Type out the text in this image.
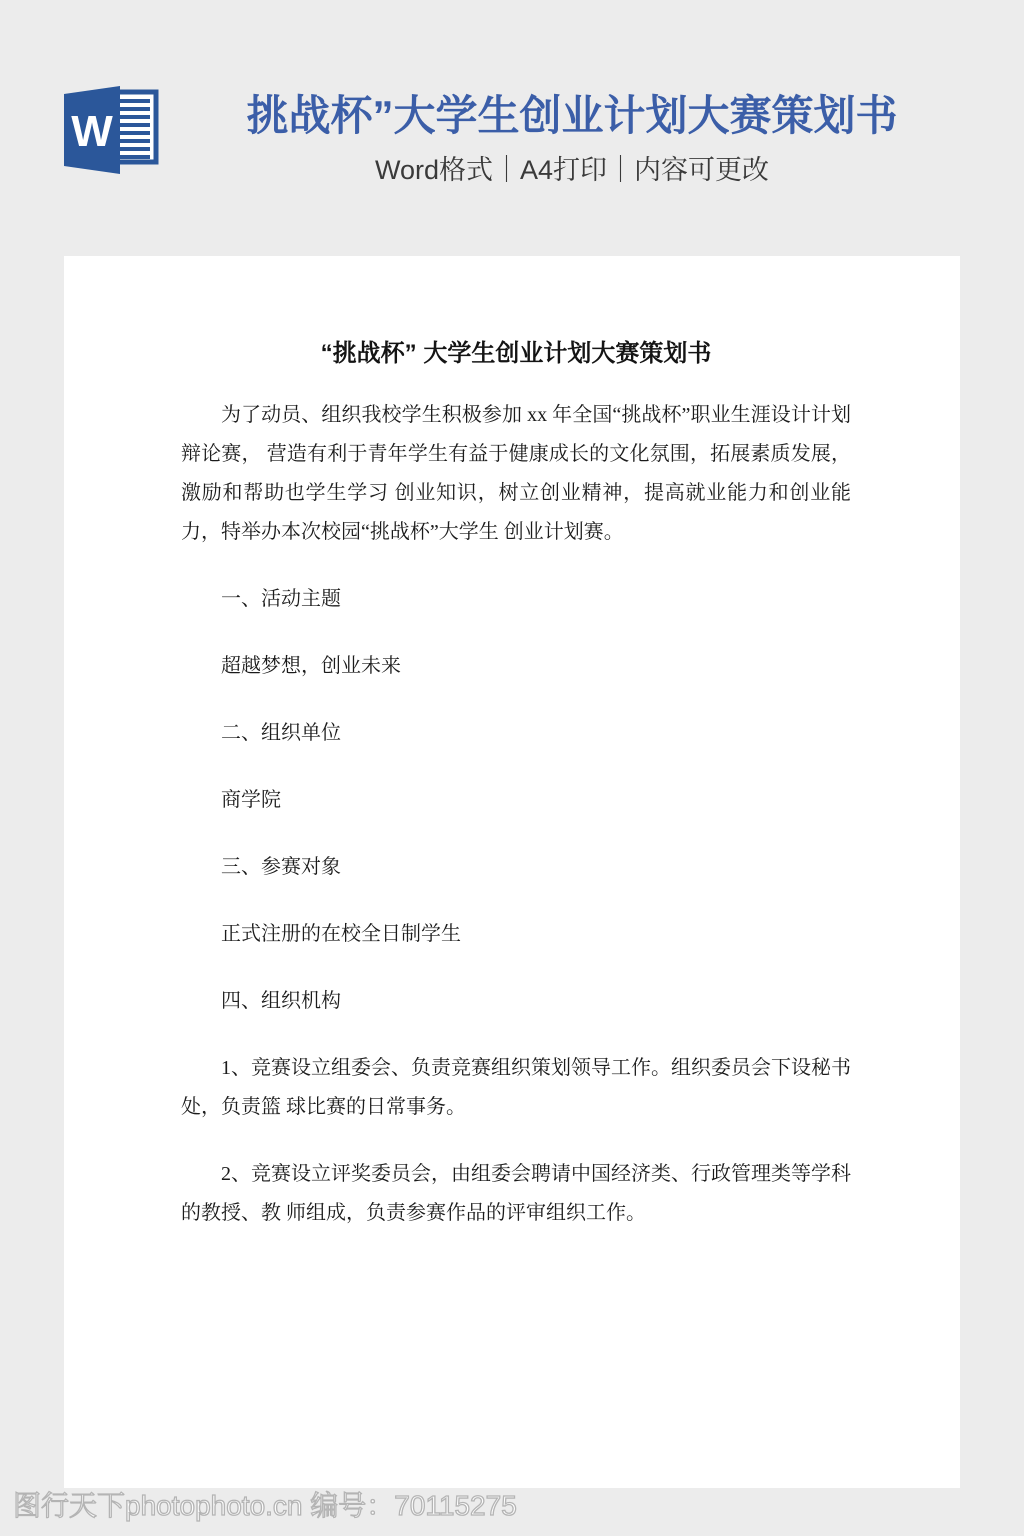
W	挑战杯”大学生创业计划大赛策划书
Word格式｜A4打印｜内容可更改
“挑战杯” 大学生创业计划大赛策划书

为了动员、组织我校学生积极参加 xx 年全国“挑战杯”职业生涯设计计划辩论赛， 营造有利于青年学生有益于健康成长的文化氛围，拓展素质发展，激励和帮助也学生学习 创业知识，树立创业精神，提高就业能力和创业能力，特举办本次校园“挑战杯”大学生 创业计划赛。

一、活动主题

超越梦想，创业未来

二、组织单位

商学院

三、参赛对象

正式注册的在校全日制学生

四、组织机构

1、竞赛设立组委会、负责竞赛组织策划领导工作。组织委员会下设秘书处，负责篮 球比赛的日常事务。

2、竞赛设立评奖委员会，由组委会聘请中国经济类、行政管理类等学科的教授、教 师组成，负责参赛作品的评审组织工作。

图行天下photophoto.cn 编号：70115275
